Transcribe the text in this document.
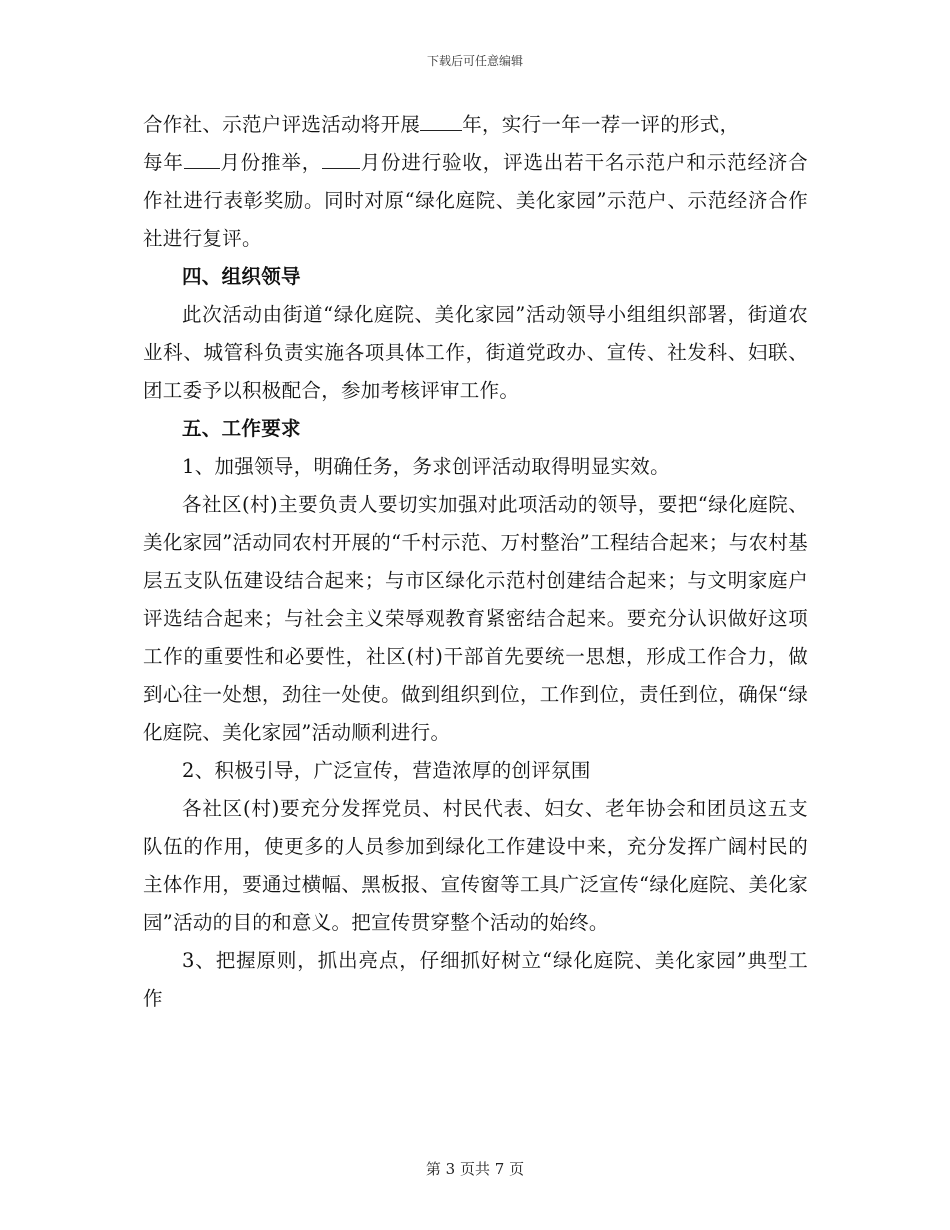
下载后可任意编辑

合作社、示范户评选活动将开展 年，实行一年一荐一评的形式，
每年 月份推举， 月份进行验收，评选出若干名示范户和示范经济合作社进行表彰奖励。同时对原“绿化庭院、美化家园”示范户、示范经济合作社进行复评。

四、组织领导

此次活动由街道“绿化庭院、美化家园”活动领导小组组织部署，街道农业科、城管科负责实施各项具体工作，街道党政办、宣传、社发科、妇联、团工委予以积极配合，参加考核评审工作。

五、工作要求

1、加强领导，明确任务，务求创评活动取得明显实效。

各社区(村)主要负责人要切实加强对此项活动的领导，要把“绿化庭院、美化家园”活动同农村开展的“千村示范、万村整治”工程结合起来；与农村基层五支队伍建设结合起来；与市区绿化示范村创建结合起来；与文明家庭户评选结合起来；与社会主义荣辱观教育紧密结合起来。要充分认识做好这项工作的重要性和必要性，社区(村)干部首先要统一思想，形成工作合力，做到心往一处想，劲往一处使。做到组织到位，工作到位，责任到位，确保“绿化庭院、美化家园”活动顺利进行。

2、积极引导，广泛宣传，营造浓厚的创评氛围

各社区(村)要充分发挥党员、村民代表、妇女、老年协会和团员这五支队伍的作用，使更多的人员参加到绿化工作建设中来，充分发挥广阔村民的主体作用，要通过横幅、黑板报、宣传窗等工具广泛宣传“绿化庭院、美化家园”活动的目的和意义。把宣传贯穿整个活动的始终。

3、把握原则，抓出亮点，仔细抓好树立“绿化庭院、美化家园”典型工作

第 3 页共 7 页
